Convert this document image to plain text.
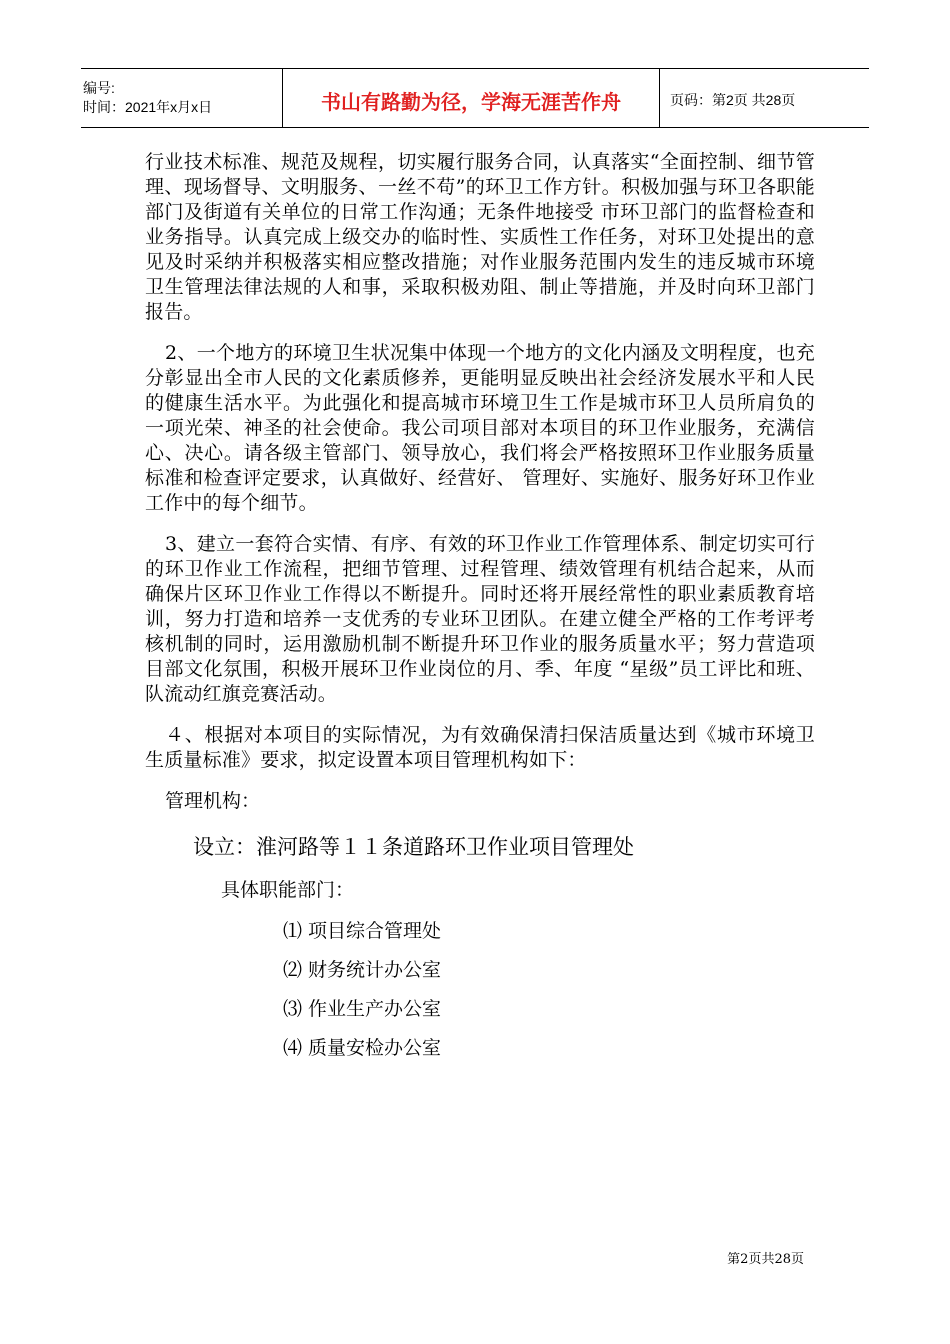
编号:
时间：2021年x月x日	书山有路勤为径，学海无涯苦作舟	页码：第2页 共28页

行业技术标准、规范及规程，切实履行服务合同，认真落实“全面控制、细节管理、现场督导、文明服务、一丝不苟”的环卫工作方针。积极加强与环卫各职能部门及街道有关单位的日常工作沟通；无条件地接受 市环卫部门的监督检查和业务指导。认真完成上级交办的临时性、实质性工作任务，对环卫处提出的意见及时采纳并积极落实相应整改措施；对作业服务范围内发生的违反城市环境卫生管理法律法规的人和事，采取积极劝阻、制止等措施，并及时向环卫部门报告。

2、一个地方的环境卫生状况集中体现一个地方的文化内涵及文明程度，也充分彰显出全市人民的文化素质修养，更能明显反映出社会经济发展水平和人民的健康生活水平。为此强化和提高城市环境卫生工作是城市环卫人员所肩负的一项光荣、神圣的社会使命。我公司项目部对本项目的环卫作业服务，充满信心、决心。请各级主管部门、领导放心，我们将会严格按照环卫作业服务质量标准和检查评定要求，认真做好、经营好、 管理好、实施好、服务好环卫作业工作中的每个细节。

3、建立一套符合实情、有序、有效的环卫作业工作管理体系、制定切实可行的环卫作业工作流程，把细节管理、过程管理、绩效管理有机结合起来，从而确保片区环卫作业工作得以不断提升。同时还将开展经常性的职业素质教育培训，努力打造和培养一支优秀的专业环卫团队。在建立健全严格的工作考评考核机制的同时，运用激励机制不断提升环卫作业的服务质量水平；努力营造项目部文化氛围，积极开展环卫作业岗位的月、季、年度 “星级”员工评比和班、队流动红旗竞赛活动。

４、根据对本项目的实际情况，为有效确保清扫保洁质量达到《城市环境卫生质量标准》要求，拟定设置本项目管理机构如下：

管理机构：
设立：淮河路等１１条道路环卫作业项目管理处
具体职能部门：
⑴ 项目综合管理处
⑵ 财务统计办公室
⑶ 作业生产办公室
⑷ 质量安检办公室
第2页共28页
